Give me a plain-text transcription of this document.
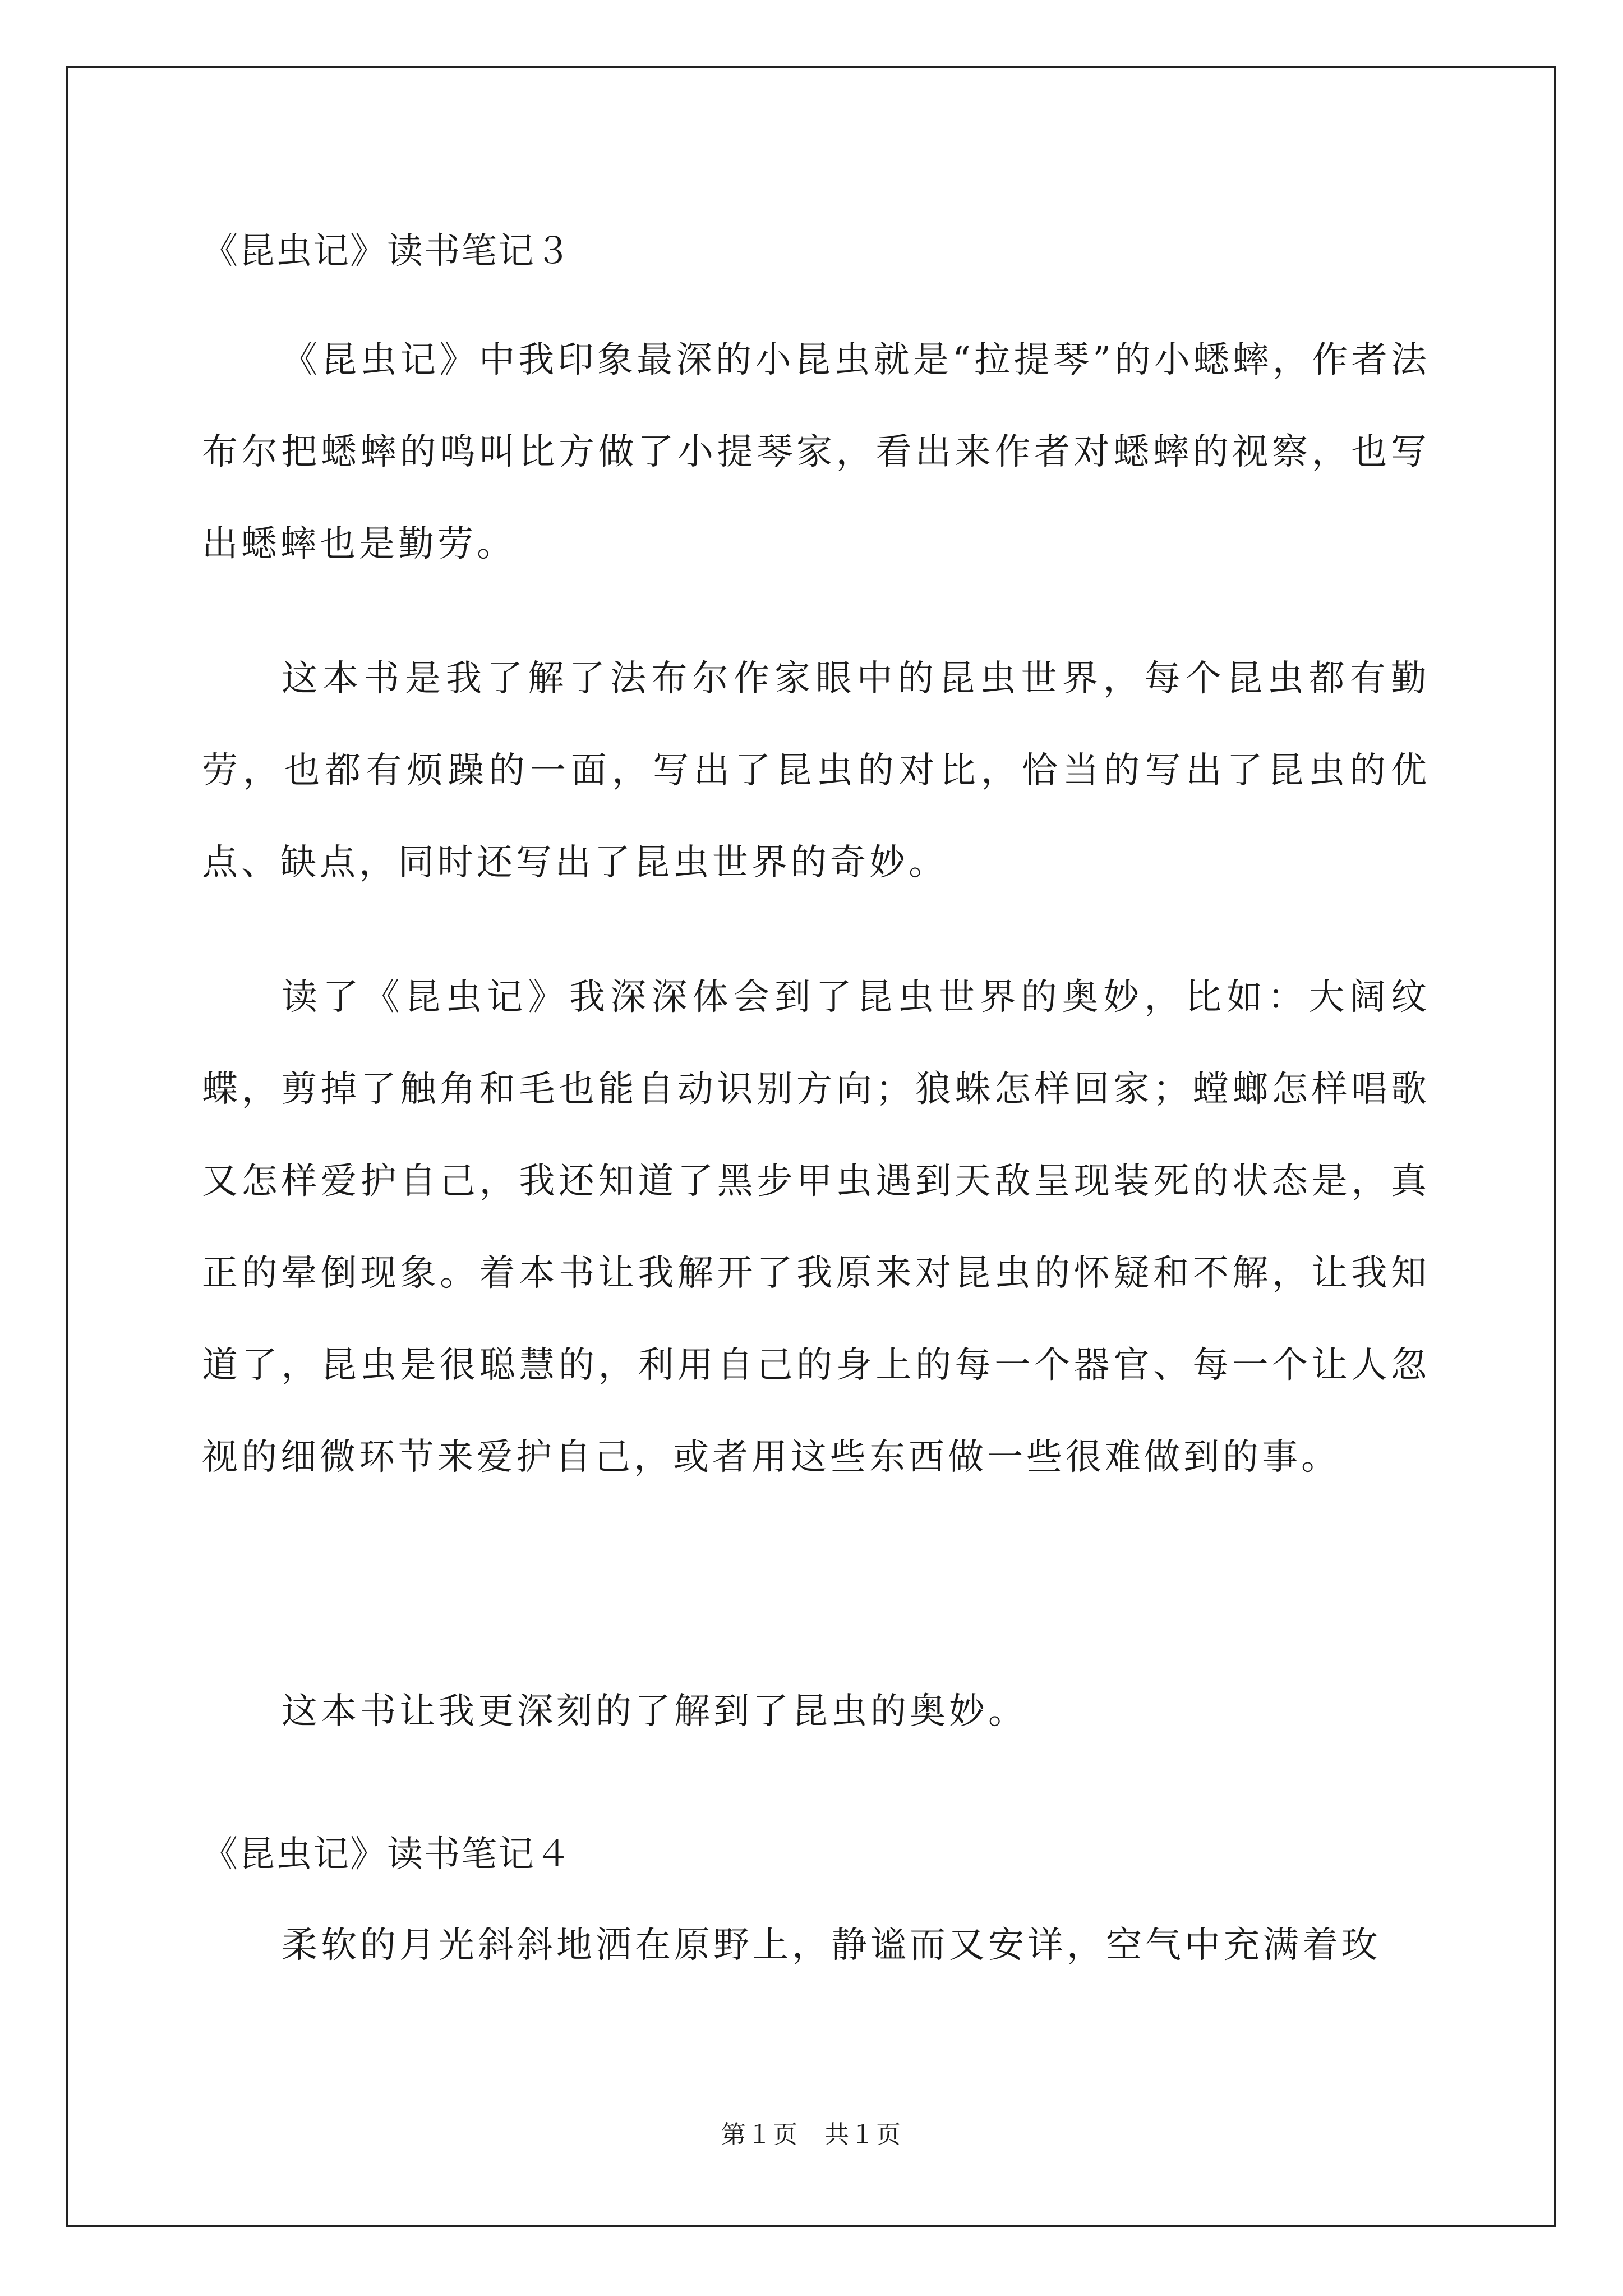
《昆虫记》读书笔记３
《昆虫记》中我印象最深的小昆虫就是“拉提琴”的小蟋蟀，作者法布尔把蟋蟀的鸣叫比方做了小提琴家，看出来作者对蟋蟀的视察，也写出蟋蟀也是勤劳。
这本书是我了解了法布尔作家眼中的昆虫世界，每个昆虫都有勤劳，也都有烦躁的一面，写出了昆虫的对比，恰当的写出了昆虫的优点、缺点，同时还写出了昆虫世界的奇妙。
读了《昆虫记》我深深体会到了昆虫世界的奥妙，比如：大阔纹蝶，剪掉了触角和毛也能自动识别方向；狼蛛怎样回家；螳螂怎样唱歌又怎样爱护自己，我还知道了黑步甲虫遇到天敌呈现装死的状态是，真正的晕倒现象。着本书让我解开了我原来对昆虫的怀疑和不解，让我知道了，昆虫是很聪慧的，利用自己的身上的每一个器官、每一个让人忽视的细微环节来爱护自己，或者用这些东西做一些很难做到的事。
这本书让我更深刻的了解到了昆虫的奥妙。
《昆虫记》读书笔记４
柔软的月光斜斜地洒在原野上，静谧而又安详，空气中充满着玫
第１页　共１页
